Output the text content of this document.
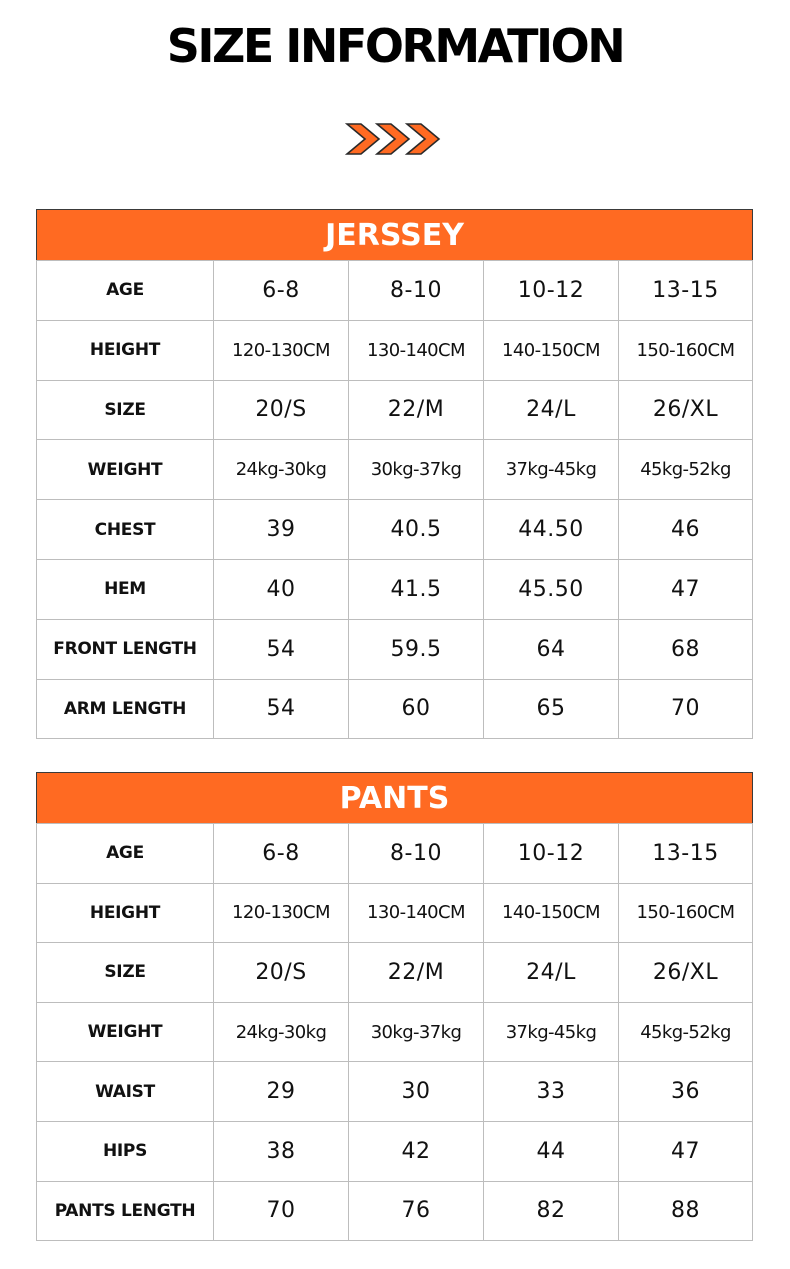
SIZE INFORMATION
JERSSEY
AGE	6-8	8-10	10-12	13-15
HEIGHT	120-130CM	130-140CM	140-150CM	150-160CM
SIZE	20/S	22/M	24/L	26/XL
WEIGHT	24kg-30kg	30kg-37kg	37kg-45kg	45kg-52kg
CHEST	39	40.5	44.50	46
HEM	40	41.5	45.50	47
FRONT LENGTH	54	59.5	64	68
ARM LENGTH	54	60	65	70
PANTS
AGE	6-8	8-10	10-12	13-15
HEIGHT	120-130CM	130-140CM	140-150CM	150-160CM
SIZE	20/S	22/M	24/L	26/XL
WEIGHT	24kg-30kg	30kg-37kg	37kg-45kg	45kg-52kg
WAIST	29	30	33	36
HIPS	38	42	44	47
PANTS LENGTH	70	76	82	88
